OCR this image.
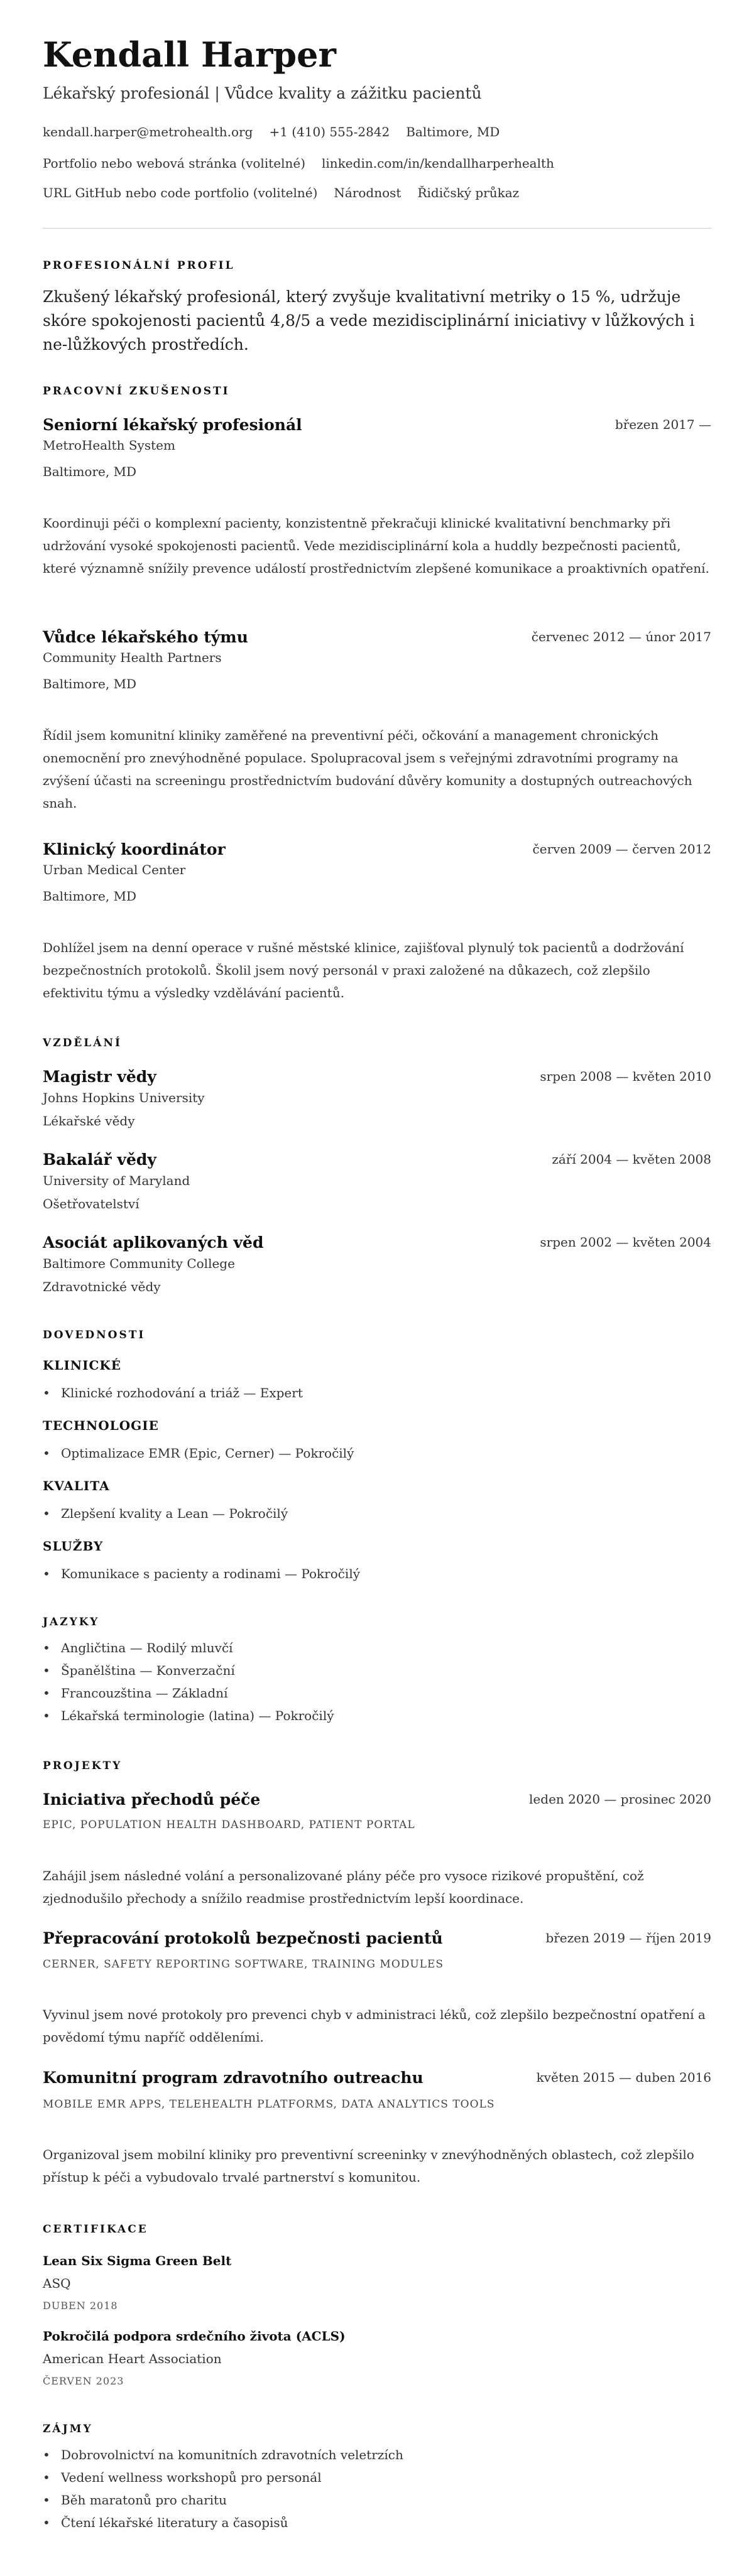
Kendall Harper
Lékařský profesionál | Vůdce kvality a zážitku pacientů
kendall.harper@metrohealth.org +1 (410) 555-2842 Baltimore, MD
Portfolio nebo webová stránka (volitelné) linkedin.com/in/kendallharperhealth
URL GitHub nebo code portfolio (volitelné) Národnost Řidičský průkaz
PROFESIONÁLNÍ PROFIL
Zkušený lékařský profesionál, který zvyšuje kvalitativní metriky o 15 %, udržuje skóre spokojenosti pacientů 4,8/5 a vede mezidisciplinární iniciativy v lůžkových i ne-lůžkových prostředích.
PRACOVNÍ ZKUŠENOSTI
Seniorní lékařský profesionál	březen 2017 —
MetroHealth System
Baltimore, MD
Koordinuji péči o komplexní pacienty, konzistentně překračuji klinické kvalitativní benchmarky při udržování vysoké spokojenosti pacientů. Vede mezidisciplinární kola a huddly bezpečnosti pacientů, které významně snížily prevence událostí prostřednictvím zlepšené komunikace a proaktivních opatření.
Vůdce lékařského týmu	červenec 2012 — únor 2017
Community Health Partners
Baltimore, MD
Řídil jsem komunitní kliniky zaměřené na preventivní péči, očkování a management chronických onemocnění pro znevýhodněné populace. Spolupracoval jsem s veřejnými zdravotními programy na zvýšení účasti na screeningu prostřednictvím budování důvěry komunity a dostupných outreachových snah.
Klinický koordinátor	červen 2009 — červen 2012
Urban Medical Center
Baltimore, MD
Dohlížel jsem na denní operace v rušné městské klinice, zajišťoval plynulý tok pacientů a dodržování bezpečnostních protokolů. Školil jsem nový personál v praxi založené na důkazech, což zlepšilo efektivitu týmu a výsledky vzdělávání pacientů.
VZDĚLÁNÍ
Magistr vědy	srpen 2008 — květen 2010
Johns Hopkins University
Lékařské vědy
Bakalář vědy	září 2004 — květen 2008
University of Maryland
Ošetřovatelství
Asociát aplikovaných věd	srpen 2002 — květen 2004
Baltimore Community College
Zdravotnické vědy
DOVEDNOSTI
KLINICKÉ
• Klinické rozhodování a triáž — Expert
TECHNOLOGIE
• Optimalizace EMR (Epic, Cerner) — Pokročilý
KVALITA
• Zlepšení kvality a Lean — Pokročilý
SLUŽBY
• Komunikace s pacienty a rodinami — Pokročilý
JAZYKY
• Angličtina — Rodilý mluvčí
• Španělština — Konverzační
• Francouzština — Základní
• Lékařská terminologie (latina) — Pokročilý
PROJEKTY
Iniciativa přechodů péče	leden 2020 — prosinec 2020
EPIC, POPULATION HEALTH DASHBOARD, PATIENT PORTAL
Zahájil jsem následné volání a personalizované plány péče pro vysoce rizikové propuštění, což zjednodušilo přechody a snížilo readmise prostřednictvím lepší koordinace.
Přepracování protokolů bezpečnosti pacientů	březen 2019 — říjen 2019
CERNER, SAFETY REPORTING SOFTWARE, TRAINING MODULES
Vyvinul jsem nové protokoly pro prevenci chyb v administraci léků, což zlepšilo bezpečnostní opatření a povědomí týmu napříč odděleními.
Komunitní program zdravotního outreachu	květen 2015 — duben 2016
MOBILE EMR APPS, TELEHEALTH PLATFORMS, DATA ANALYTICS TOOLS
Organizoval jsem mobilní kliniky pro preventivní screeninky v znevýhodněných oblastech, což zlepšilo přístup k péči a vybudovalo trvalé partnerství s komunitou.
CERTIFIKACE
Lean Six Sigma Green Belt
ASQ
DUBEN 2018
Pokročilá podpora srdečního života (ACLS)
American Heart Association
ČERVEN 2023
ZÁJMY
• Dobrovolnictví na komunitních zdravotních veletrzích
• Vedení wellness workshopů pro personál
• Běh maratonů pro charitu
• Čtení lékařské literatury a časopisů
